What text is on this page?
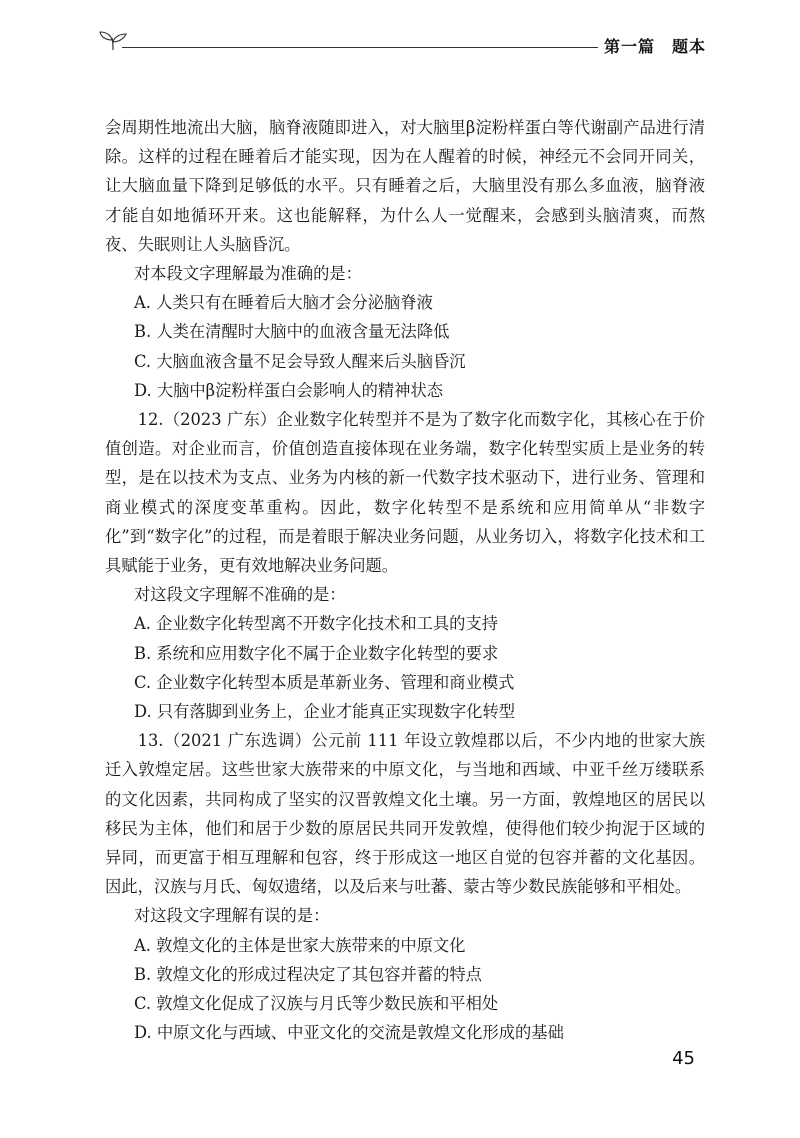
第一篇　题本

会周期性地流出大脑，脑脊液随即进入，对大脑里β淀粉样蛋白等代谢副产品进行清除。这样的过程在睡着后才能实现，因为在人醒着的时候，神经元不会同开同关，让大脑血量下降到足够低的水平。只有睡着之后，大脑里没有那么多血液，脑脊液才能自如地循环开来。这也能解释，为什么人一觉醒来，会感到头脑清爽，而熬夜、失眠则让人头脑昏沉。

对本段文字理解最为准确的是：

A. 人类只有在睡着后大脑才会分泌脑脊液

B. 人类在清醒时大脑中的血液含量无法降低

C. 大脑血液含量不足会导致人醒来后头脑昏沉

D. 大脑中β淀粉样蛋白会影响人的精神状态

12.（2023 广东）企业数字化转型并不是为了数字化而数字化，其核心在于价值创造。对企业而言，价值创造直接体现在业务端，数字化转型实质上是业务的转型，是在以技术为支点、业务为内核的新一代数字技术驱动下，进行业务、管理和商业模式的深度变革重构。因此，数字化转型不是系统和应用简单从“非数字化”到“数字化”的过程，而是着眼于解决业务问题，从业务切入，将数字化技术和工具赋能于业务，更有效地解决业务问题。

对这段文字理解不准确的是：

A. 企业数字化转型离不开数字化技术和工具的支持

B. 系统和应用数字化不属于企业数字化转型的要求

C. 企业数字化转型本质是革新业务、管理和商业模式

D. 只有落脚到业务上，企业才能真正实现数字化转型

13.（2021 广东选调）公元前 111 年设立敦煌郡以后，不少内地的世家大族迁入敦煌定居。这些世家大族带来的中原文化，与当地和西域、中亚千丝万缕联系的文化因素，共同构成了坚实的汉晋敦煌文化土壤。另一方面，敦煌地区的居民以移民为主体，他们和居于少数的原居民共同开发敦煌，使得他们较少拘泥于区域的异同，而更富于相互理解和包容，终于形成这一地区自觉的包容并蓄的文化基因。因此，汉族与月氏、匈奴遗绪，以及后来与吐蕃、蒙古等少数民族能够和平相处。

对这段文字理解有误的是：

A. 敦煌文化的主体是世家大族带来的中原文化

B. 敦煌文化的形成过程决定了其包容并蓄的特点

C. 敦煌文化促成了汉族与月氏等少数民族和平相处

D. 中原文化与西域、中亚文化的交流是敦煌文化形成的基础

45
